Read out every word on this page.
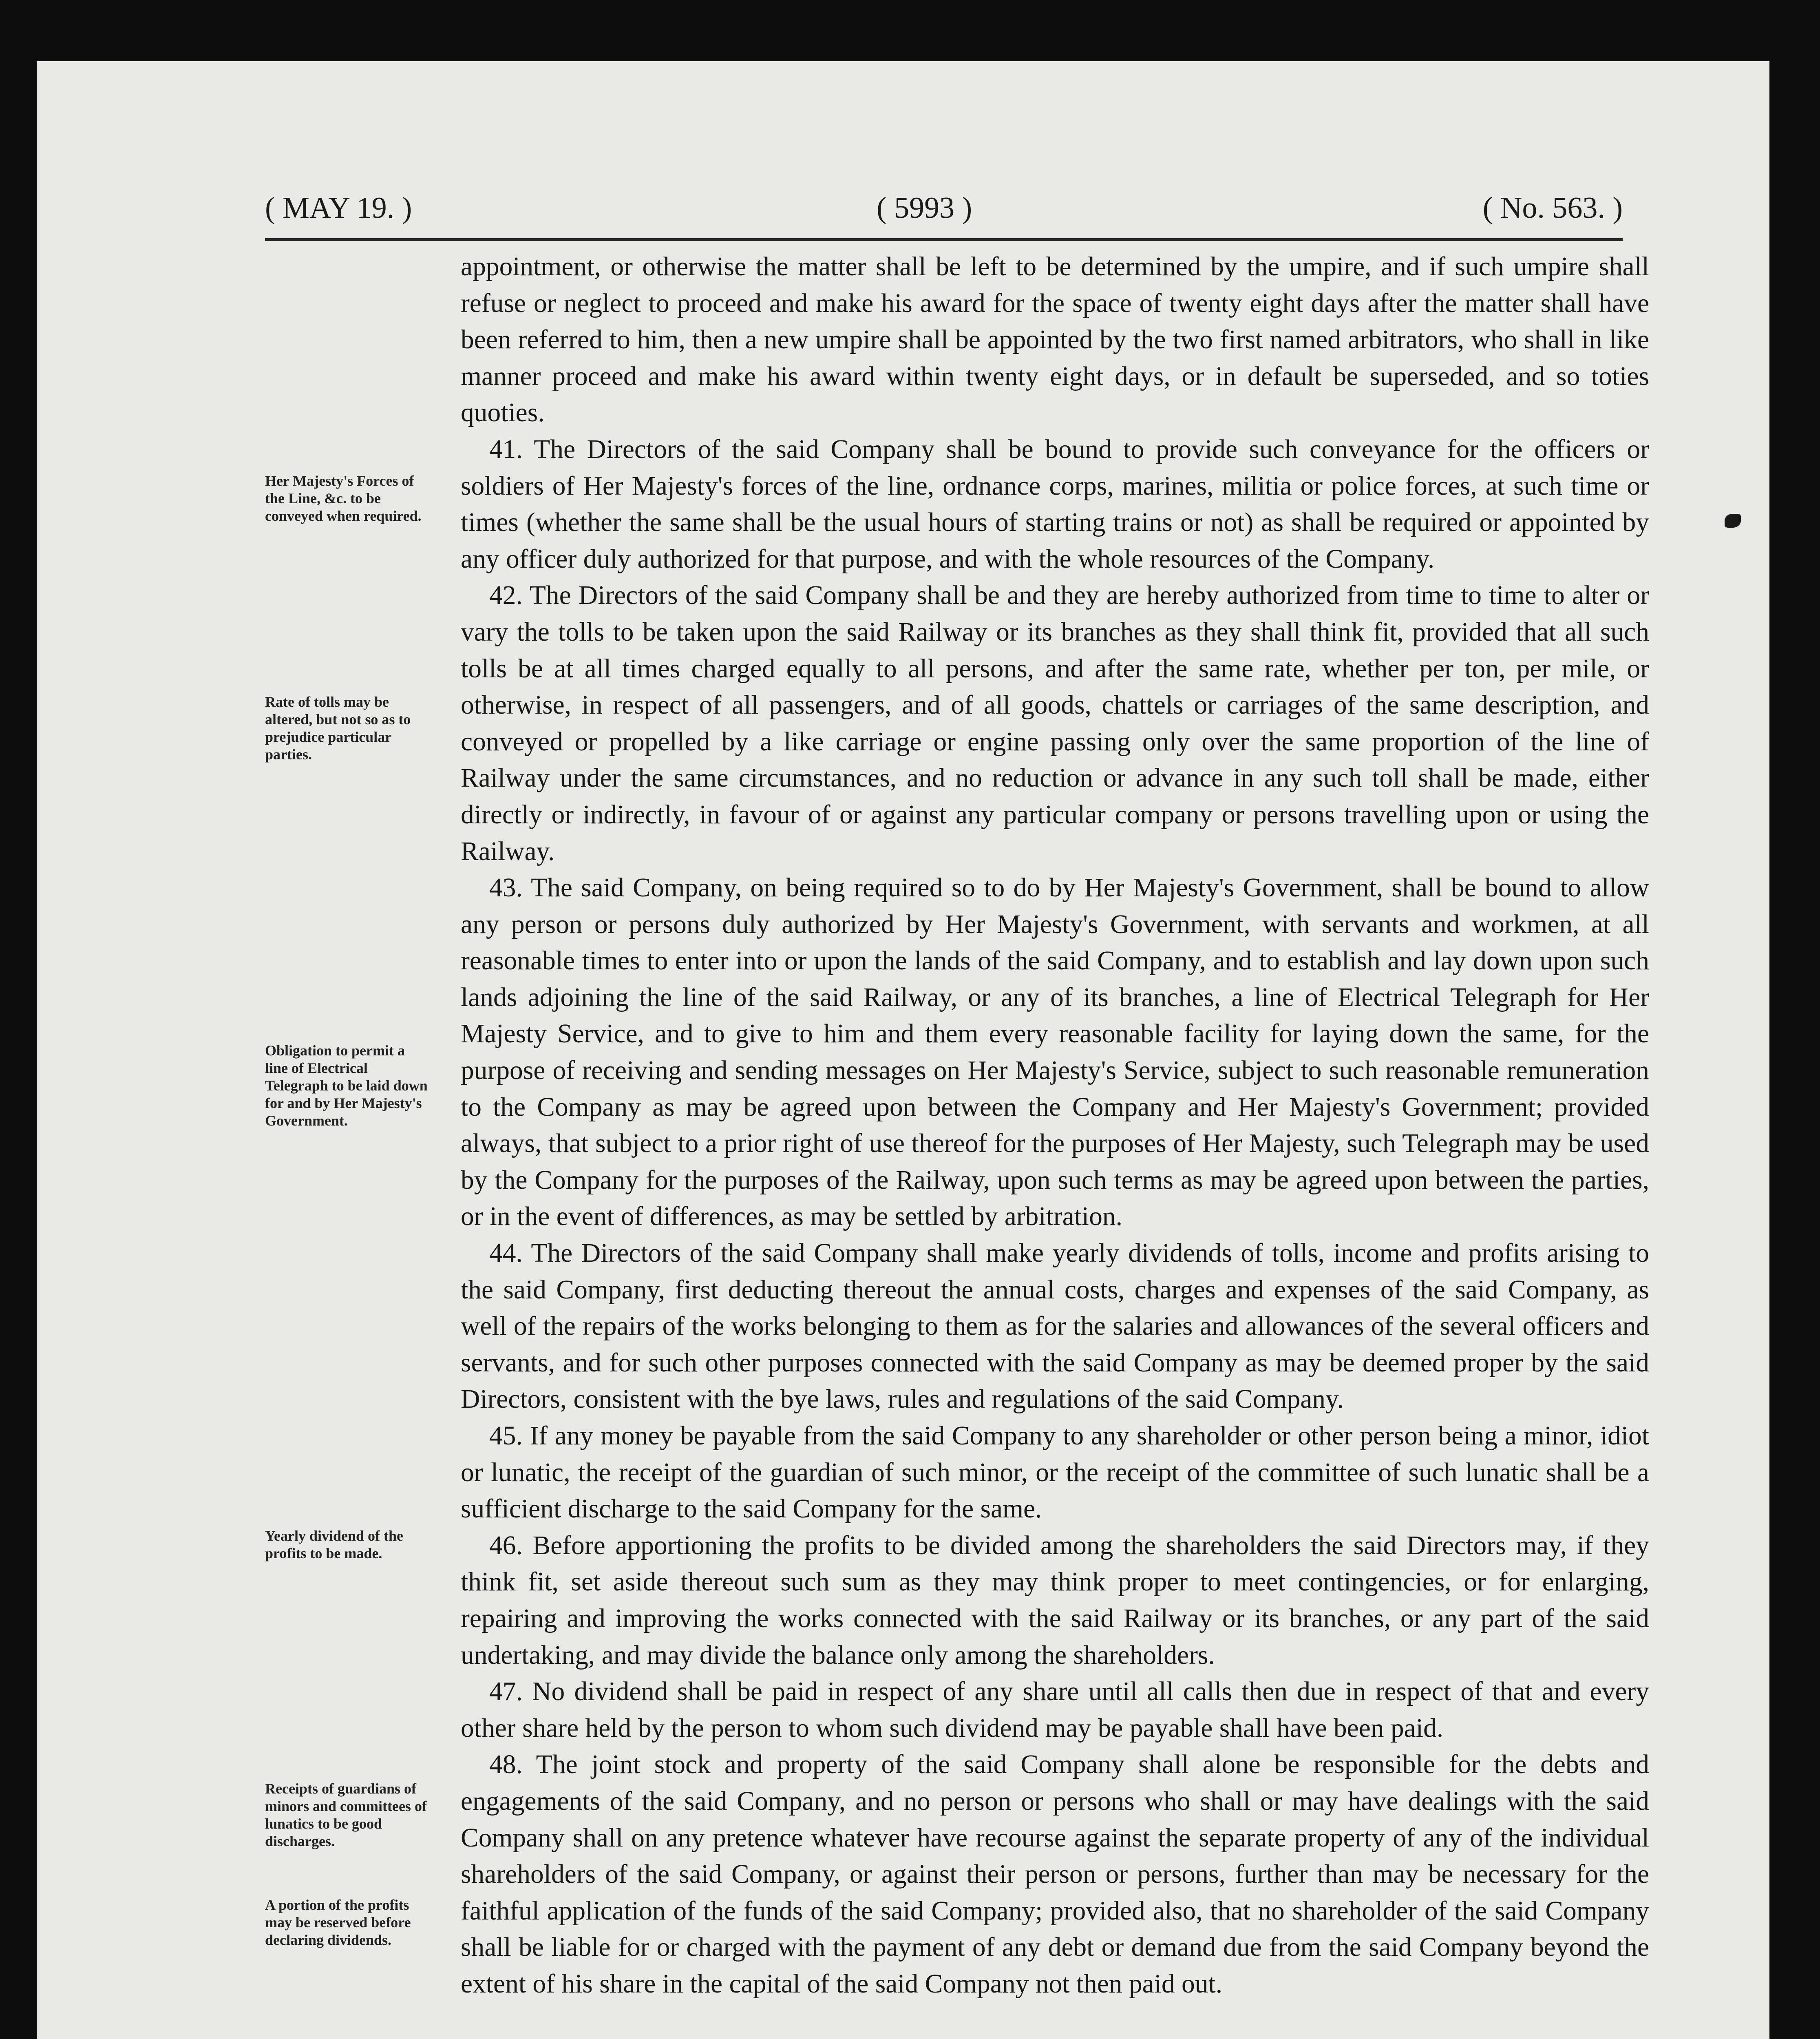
( MAY 19. )	( 5993 )	( No. 563. )
Her Majesty's Forces of the Line, &c. to be conveyed when required.
Rate of tolls may be altered, but not so as to prejudice particular parties.
Obligation to permit a line of Electrical Telegraph to be laid down for and by Her Majesty's Government.
Yearly dividend of the profits to be made.
Receipts of guardians of minors and committees of lunatics to be good discharges.
A portion of the profits may be reserved before declaring dividends.

appointment, or otherwise the matter shall be left to be determined by the umpire, and if such umpire shall refuse or neglect to proceed and make his award for the space of twenty eight days after the matter shall have been referred to him, then a new umpire shall be appointed by the two first named arbitrators, who shall in like manner proceed and make his award within twenty eight days, or in default be superseded, and so toties quoties.

41. The Directors of the said Company shall be bound to provide such conveyance for the officers or soldiers of Her Majesty's forces of the line, ordnance corps, marines, militia or police forces, at such time or times (whether the same shall be the usual hours of starting trains or not) as shall be required or appointed by any officer duly authorized for that purpose, and with the whole resources of the Company.

42. The Directors of the said Company shall be and they are hereby authorized from time to time to alter or vary the tolls to be taken upon the said Railway or its branches as they shall think fit, provided that all such tolls be at all times charged equally to all persons, and after the same rate, whether per ton, per mile, or otherwise, in respect of all passengers, and of all goods, chattels or carriages of the same description, and conveyed or propelled by a like carriage or engine passing only over the same proportion of the line of Railway under the same circumstances, and no reduction or advance in any such toll shall be made, either directly or indirectly, in favour of or against any particular company or persons travelling upon or using the Railway.

43. The said Company, on being required so to do by Her Majesty's Government, shall be bound to allow any person or persons duly authorized by Her Majesty's Government, with servants and workmen, at all reasonable times to enter into or upon the lands of the said Company, and to establish and lay down upon such lands adjoining the line of the said Railway, or any of its branches, a line of Electrical Telegraph for Her Majesty Service, and to give to him and them every reasonable facility for laying down the same, for the purpose of receiving and sending messages on Her Majesty's Service, subject to such reasonable remuneration to the Company as may be agreed upon between the Company and Her Majesty's Government; provided always, that subject to a prior right of use thereof for the purposes of Her Majesty, such Telegraph may be used by the Company for the purposes of the Railway, upon such terms as may be agreed upon between the parties, or in the event of differences, as may be settled by arbitration.

44. The Directors of the said Company shall make yearly dividends of tolls, income and profits arising to the said Company, first deducting thereout the annual costs, charges and expenses of the said Company, as well of the repairs of the works belonging to them as for the salaries and allowances of the several officers and servants, and for such other purposes connected with the said Company as may be deemed proper by the said Directors, consistent with the bye laws, rules and regulations of the said Company.

45. If any money be payable from the said Company to any shareholder or other person being a minor, idiot or lunatic, the receipt of the guardian of such minor, or the receipt of the committee of such lunatic shall be a sufficient discharge to the said Company for the same.

46. Before apportioning the profits to be divided among the shareholders the said Directors may, if they think fit, set aside thereout such sum as they may think proper to meet contingencies, or for enlarging, repairing and improving the works connected with the said Railway or its branches, or any part of the said undertaking, and may divide the balance only among the shareholders.

47. No dividend shall be paid in respect of any share until all calls then due in respect of that and every other share held by the person to whom such dividend may be payable shall have been paid.

48. The joint stock and property of the said Company shall alone be responsible for the debts and engagements of the said Company, and no person or persons who shall or may have dealings with the said Company shall on any pretence whatever have recourse against the separate property of any of the individual shareholders of the said Company, or against their person or persons, further than may be necessary for the faithful application of the funds of the said Company; provided also, that no shareholder of the said Company shall be liable for or charged with the payment of any debt or demand due from the said Company beyond the extent of his share in the capital of the said Company not then paid out.
